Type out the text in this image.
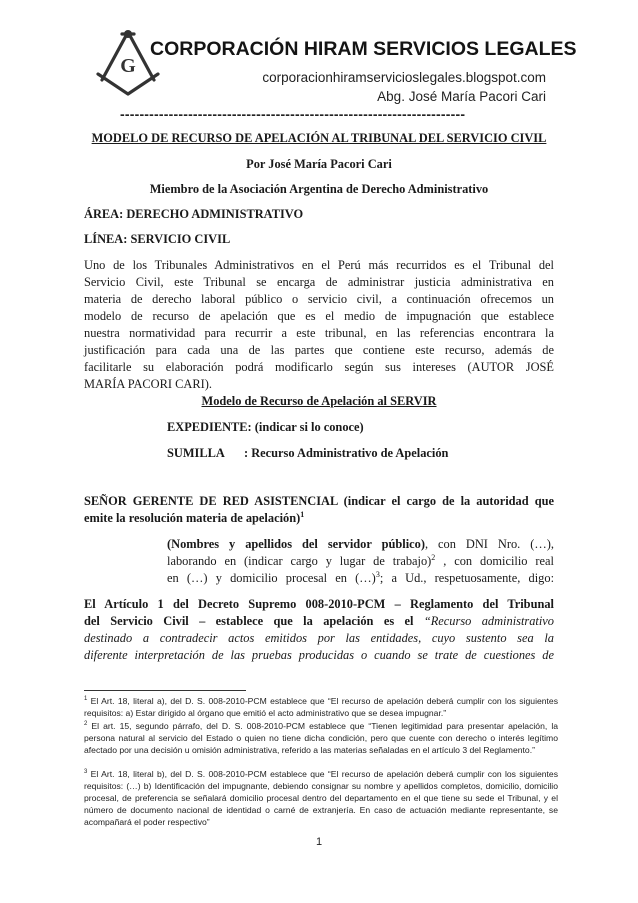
G
CORPORACIÓN HIRAM SERVICIOS LEGALES
corporacionhiramservicioslegales.blogspot.com
Abg. José María Pacori Cari
-----------------------------------------------------------------------
MODELO DE RECURSO DE APELACIÓN AL TRIBUNAL DEL SERVICIO CIVIL
Por José María Pacori Cari
Miembro de la Asociación Argentina de Derecho Administrativo
ÁREA: DERECHO ADMINISTRATIVO
LÍNEA: SERVICIO CIVIL
Uno de los Tribunales Administrativos en el Perú más recurridos es el Tribunal del
Servicio Civil, este Tribunal se encarga de administrar justicia administrativa en
materia de derecho laboral público o servicio civil, a continuación ofrecemos un
modelo de recurso de apelación que es el medio de impugnación que establece
nuestra normatividad para recurrir a este tribunal, en las referencias encontrara la
justificación para cada una de las partes que contiene este recurso, además de
facilitarle su elaboración podrá modificarlo según sus intereses (AUTOR JOSÉ
MARÍA PACORI CARI).
Modelo de Recurso de Apelación al SERVIR
EXPEDIENTE: (indicar si lo conoce)
SUMILLA : Recurso Administrativo de Apelación
SEÑOR GERENTE DE RED ASISTENCIAL (indicar el cargo de la autoridad que
emite la resolución materia de apelación)$^1$
(Nombres y apellidos del servidor público), con DNI Nro. (…),
laborando en (indicar cargo y lugar de trabajo)$^2$ , con domicilio real
en (…) y domicilio procesal en (…)$^3$; a Ud., respetuosamente, digo:
El Artículo 1 del Decreto Supremo 008-2010-PCM – Reglamento del Tribunal
del Servicio Civil – establece que la apelación es el “Recurso administrativo
destinado a contradecir actos emitidos por las entidades, cuyo sustento sea la
diferente interpretación de las pruebas producidas o cuando se trate de cuestiones de
$^1$ El Art. 18, literal a), del D. S. 008-2010-PCM establece que “El recurso de apelación deberá cumplir con los siguientes requisitos: a) Estar dirigido al órgano que emitió el acto administrativo que se desea impugnar.”
$^2$ El art. 15, segundo párrafo, del D. S. 008-2010-PCM establece que “Tienen legitimidad para presentar apelación, la persona natural al servicio del Estado o quien no tiene dicha condición, pero que cuente con derecho o interés legítimo afectado por una decisión u omisión administrativa, referido a las materias señaladas en el artículo 3 del Reglamento.”
$^3$ El Art. 18, literal b), del D. S. 008-2010-PCM establece que “El recurso de apelación deberá cumplir con los siguientes requisitos: (…) b) Identificación del impugnante, debiendo consignar su nombre y apellidos completos, domicilio, domicilio procesal, de preferencia se señalará domicilio procesal dentro del departamento en el que tiene su sede el Tribunal, y el número de documento nacional de identidad o carné de extranjería. En caso de actuación mediante representante, se acompañará el poder respectivo”
1
